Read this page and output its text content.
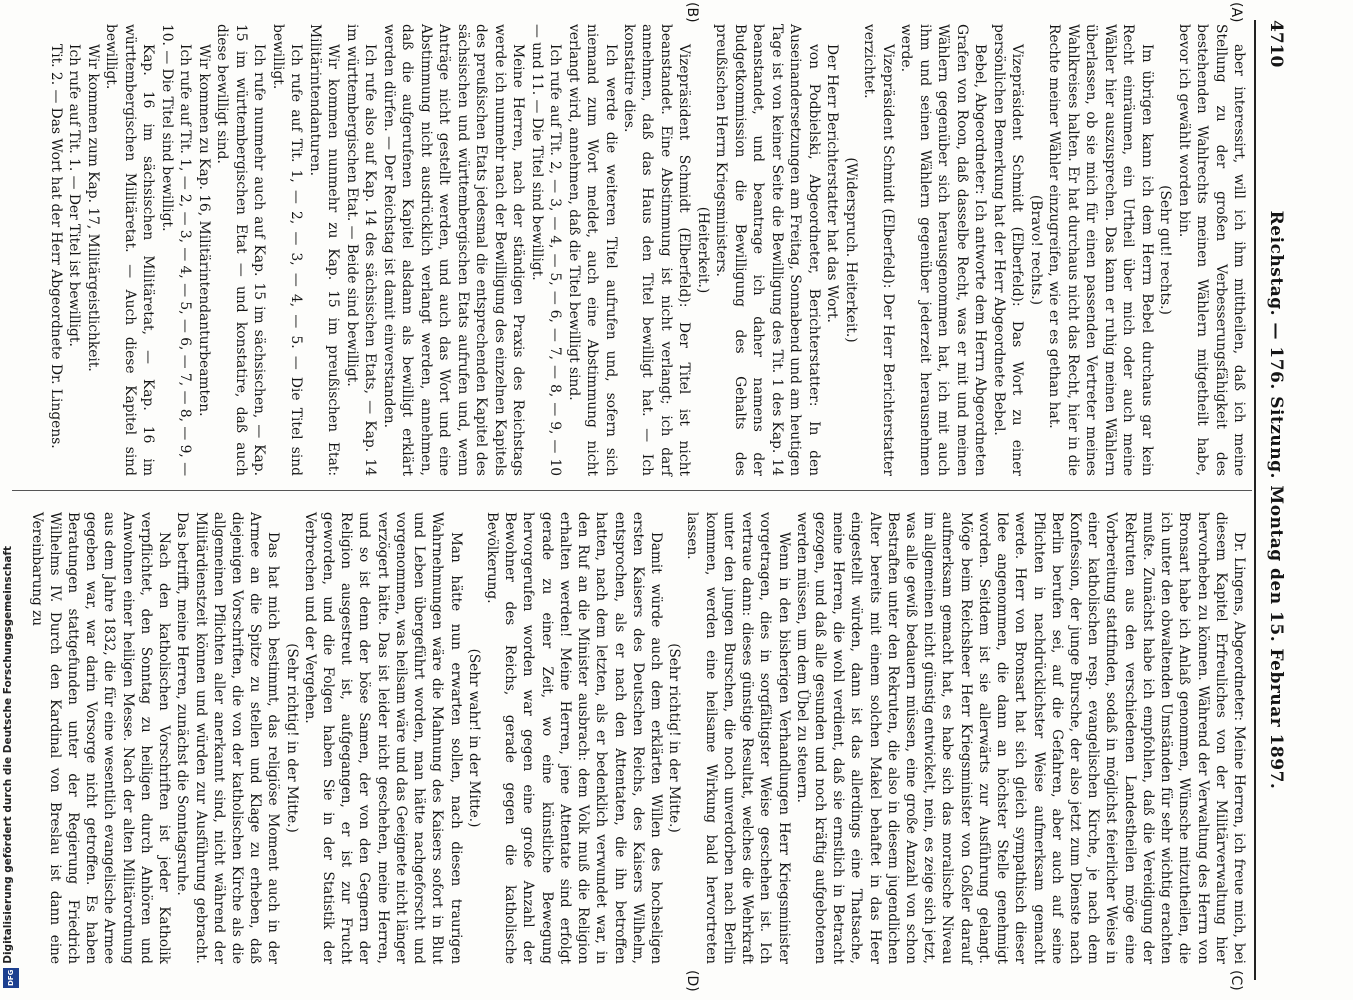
4710
Reichstag. — 176. Sitzung. Montag den 15. Februar 1897.
(A)
(B)
(C)
(D)

aber interessirt, will ich ihm mittheilen, daß ich meine Stellung zu der großen Verbesserungsfähigkeit des bestehenden Wahlrechts meinen Wählern mitgetheilt habe, bevor ich gewählt worden bin.

(Sehr gut! rechts.)

Im übrigen kann ich dem Herrn Bebel durchaus gar kein Recht einräumen, ein Urtheil über mich oder auch meine Wähler hier auszusprechen. Das kann er ruhig meinen Wählern überlassen, ob sie mich für einen passenden Vertreter meines Wahlkreises halten. Er hat durchaus nicht das Recht, hier in die Rechte meiner Wähler einzugreifen, wie er es gethan hat.

(Bravo! rechts.)

Vizepräsident Schmidt (Elberfeld): Das Wort zu einer persönlichen Bemerkung hat der Herr Abgeordnete Bebel.

Bebel, Abgeordneter: Ich antworte dem Herrn Abgeordneten Grafen von Roon, daß dasselbe Recht, was er mit und meinen Wählern gegenüber sich herausgenommen hat, ich mit auch ihm und seinen Wählern gegenüber jederzeit herausnehmen werde.

Vizepräsident Schmidt (Elberfeld): Der Herr Berichterstatter verzichtet.

(Widerspruch. Heiterkeit.)

Der Herr Berichterstatter hat das Wort.

von Podbielski, Abgeordneter, Berichterstatter: In den Auseinandersetzungen am Freitag, Sonnabend und am heutigen Tage ist von keiner Seite die Bewilligung des Tit. 1 des Kap. 14 beanstandet, und beantrage ich daher namens der Budgetkommission die Bewilligung des Gehalts des preußischen Herrn Kriegsministers.

(Heiterkeit.)

Vizepräsident Schmidt (Elberfeld): Der Titel ist nicht beanstandet. Eine Abstimmung ist nicht verlangt; ich darf annehmen, daß das Haus den Titel bewilligt hat. — Ich konstatire dies.

Ich werde die weiteren Titel aufrufen und, sofern sich niemand zum Wort meldet, auch eine Abstimmung nicht verlangt wird, annehmen, daß die Titel bewilligt sind.

Ich rufe auf Tit. 2, — 3, — 4, — 5, — 6, — 7, — 8, — 9, — 10 — und 11. — Die Titel sind bewilligt.

Meine Herren, nach der ständigen Praxis des Reichstags werde ich nunmehr nach der Bewilligung des einzelnen Kapitels des preußischen Etats jedesmal die entsprechenden Kapitel des sächsischen und württembergischen Etats aufrufen und, wenn Anträge nicht gestellt werden, und auch das Wort und eine Abstimmung nicht ausdrücklich verlangt werden, annehmen, daß die aufgerufenen Kapitel alsdann als bewilligt erklärt werden dürfen. — Der Reichstag ist damit einverstanden.

Ich rufe also auf Kap. 14 des sächsischen Etats, — Kap. 14 im württembergischen Etat. — Beide sind bewilligt.

Wir kommen nunmehr zu Kap. 15 im preußischen Etat: Militärintendanturen.

Ich rufe auf Tit. 1, — 2, — 3, — 4, — 5. — Die Titel sind bewilligt.

Ich rufe nunmehr auch auf Kap. 15 im sächsischen, — Kap. 15 im württembergischen Etat — und konstatire, daß auch diese bewilligt sind.

Wir kommen zu Kap. 16, Militärintendanturbeamten.

Ich rufe auf Tit. 1, — 2, — 3, — 4, — 5, — 6, — 7, — 8, — 9, — 10. — Die Titel sind bewilligt.

Kap. 16 im sächsischen Militäretat, — Kap. 16 im württembergischen Militäretat. — Auch diese Kapitel sind bewilligt.

Wir kommen zum Kap. 17, Militärgeistlichkeit.

Ich rufe auf Tit. 1. — Der Titel ist bewilligt.

Tit. 2. — Das Wort hat der Herr Abgeordnete Dr. Lingens.

Dr. Lingens, Abgeordneter: Meine Herren, ich freue mich, bei diesem Kapitel Erfreuliches von der Militärverwaltung hier hervorheben zu können. Während der Verwaltung des Herrn von Bronsart habe ich Anlaß genommen, Wünsche mitzutheilen, die ich unter den obwaltenden Umständen für sehr wichtig erachten mußte. Zunächst habe ich empfohlen, daß die Vereidigung der Rekruten aus den verschiedenen Landestheilen möge eine Vorbereitung stattfinden, sodaß in möglichst feierlicher Weise in einer katholischen resp. evangelischen Kirche, je nach dem Konfession, der junge Bursche, der also jetzt zum Dienste nach Berlin berufen sei, auf die Gefahren, aber auch auf seine Pflichten in nachdrücklichster Weise aufmerksam gemacht werde. Herr von Bronsart hat sich gleich sympathisch dieser Idee angenommen, die dann an höchster Stelle genehmigt worden. Seitdem ist sie allerwärts zur Ausführung gelangt. Möge beim Reichsheer Herr Kriegsminister von Goßler darauf aufmerksam gemacht hat, es habe sich das moralische Niveau im allgemeinen nicht günstig entwickelt, nein, es zeige sich jetzt, was alle gewiß bedauern müssen, eine große Anzahl von schon Bestraften unter den Rekruten, die also in diesem jugendlichen Alter bereits mit einem solchen Makel behaftet in das Heer eingestellt würden, dann ist das allerdings eine Thatsache, meine Herren, die wohl verdient, daß sie ernstlich in Betracht gezogen, und daß alle gesunden und noch kräftig aufgebotenen werden müssen, um dem Übel zu steuern.

Wenn in den bisherigen Verhandlungen Herr Kriegsminister vorgetragen, dies in sorgfältigster Weise geschehen ist. Ich vertraue dann: dieses günstige Resultat, welches die Wehrkraft unter den jungen Burschen, die noch unverdorben nach Berlin kommen, werden eine heilsame Wirkung bald hervortreten lassen.

(Sehr richtig! in der Mitte.)

Damit würde auch dem erklärten Willen des hochseligen ersten Kaisers des Deutschen Reichs, des Kaisers Wilhelm, entsprochen, als er nach den Attentaten, die ihn betroffen hatten, nach dem letzten, als er bedenklich verwundet war, in den Ruf an die Minister ausbrach: dem Volk muß die Religion erhalten werden! Meine Herren, jene Attentate sind erfolgt gerade zu einer Zeit, wo eine künstliche Bewegung hervorgerufen worden war gegen eine große Anzahl der Bewohner des Reichs, gerade gegen die katholische Bevölkerung.

(Sehr wahr! in der Mitte.)

Man hätte nun erwarten sollen, nach diesen traurigen Wahrnehmungen wäre die Mahnung des Kaisers sofort in Blut und Leben übergeführt worden, man hätte nachgeforscht und vorgenommen, was heilsam wäre und das Geeignete nicht länger verzögert hätte. Das ist leider nicht geschehen, meine Herren, und so ist denn der böse Samen, der von den Gegnern der Religion ausgestreut ist, aufgegangen, er ist zur Frucht geworden, und die Folgen haben Sie in der Statistik der Verbrechen und der Vergehen.

(Sehr richtig! in der Mitte.)

Das hat mich bestimmt, das religiöse Moment auch in der Armee an die Spitze zu stellen und Klage zu erheben, daß diejenigen Vorschriften, die von der katholischen Kirche als die allgemeinen Pflichten aller anerkannt sind, nicht während der Militärdienstzeit können und würden zur Ausführung gebracht. Das betrifft, meine Herren, zunächst die Sonntagsruhe.

Nach den katholischen Vorschriften ist jeder Katholik verpflichtet, den Sonntag zu heiligen durch Anhören und Anwohnen einer heiligen Messe. Nach der alten Militärordnung aus dem Jahre 1832, die für eine wesentlich evangelische Armee gegeben war, war darin Vorsorge nicht getroffen. Es haben Beratungen stattgefunden unter der Regierung Friedrich Wilhelms IV. Durch den Kardinal von Breslau ist dann eine Vereinbarung zu

Digitalisierung gefördert durch die Deutsche Forschungsgemeinschaft
DFG
